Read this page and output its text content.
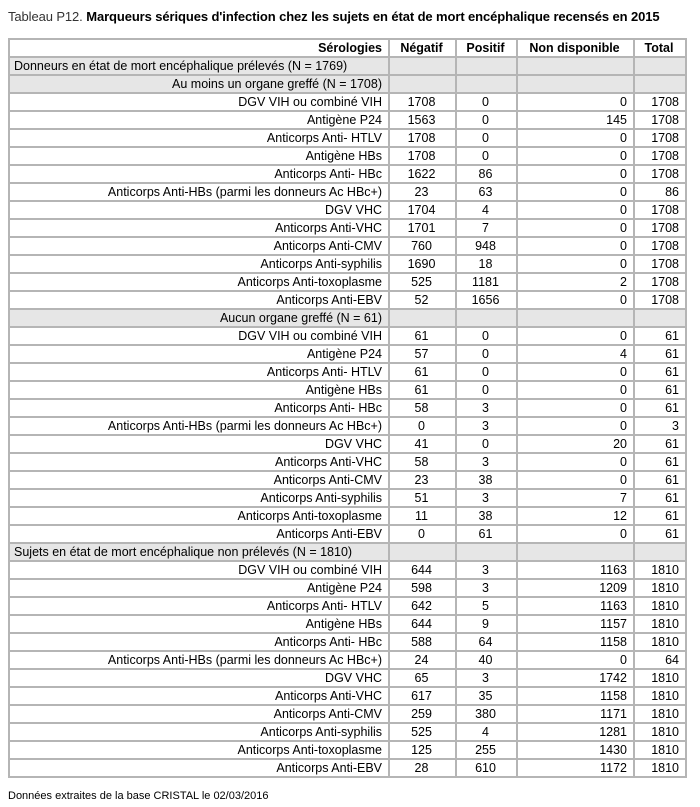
Tableau P12. Marqueurs sériques d'infection chez les sujets en état de mort encéphalique recensés en 2015
Sérologies	Négatif	Positif	Non disponible	Total
Donneurs en état de mort encéphalique prélevés (N = 1769)				
Au moins un organe greffé (N = 1708)				
DGV VIH ou combiné VIH	1708	0	0	1708
Antigène P24	1563	0	145	1708
Anticorps Anti- HTLV	1708	0	0	1708
Antigène HBs	1708	0	0	1708
Anticorps Anti- HBc	1622	86	0	1708
Anticorps Anti-HBs (parmi les donneurs Ac HBc+)	23	63	0	86
DGV VHC	1704	4	0	1708
Anticorps Anti-VHC	1701	7	0	1708
Anticorps Anti-CMV	760	948	0	1708
Anticorps Anti-syphilis	1690	18	0	1708
Anticorps Anti-toxoplasme	525	1181	2	1708
Anticorps Anti-EBV	52	1656	0	1708
Aucun organe greffé (N = 61)				
DGV VIH ou combiné VIH	61	0	0	61
Antigène P24	57	0	4	61
Anticorps Anti- HTLV	61	0	0	61
Antigène HBs	61	0	0	61
Anticorps Anti- HBc	58	3	0	61
Anticorps Anti-HBs (parmi les donneurs Ac HBc+)	0	3	0	3
DGV VHC	41	0	20	61
Anticorps Anti-VHC	58	3	0	61
Anticorps Anti-CMV	23	38	0	61
Anticorps Anti-syphilis	51	3	7	61
Anticorps Anti-toxoplasme	11	38	12	61
Anticorps Anti-EBV	0	61	0	61
Sujets en état de mort encéphalique non prélevés (N = 1810)				
DGV VIH ou combiné VIH	644	3	1163	1810
Antigène P24	598	3	1209	1810
Anticorps Anti- HTLV	642	5	1163	1810
Antigène HBs	644	9	1157	1810
Anticorps Anti- HBc	588	64	1158	1810
Anticorps Anti-HBs (parmi les donneurs Ac HBc+)	24	40	0	64
DGV VHC	65	3	1742	1810
Anticorps Anti-VHC	617	35	1158	1810
Anticorps Anti-CMV	259	380	1171	1810
Anticorps Anti-syphilis	525	4	1281	1810
Anticorps Anti-toxoplasme	125	255	1430	1810
Anticorps Anti-EBV	28	610	1172	1810
Données extraites de la base CRISTAL le 02/03/2016
